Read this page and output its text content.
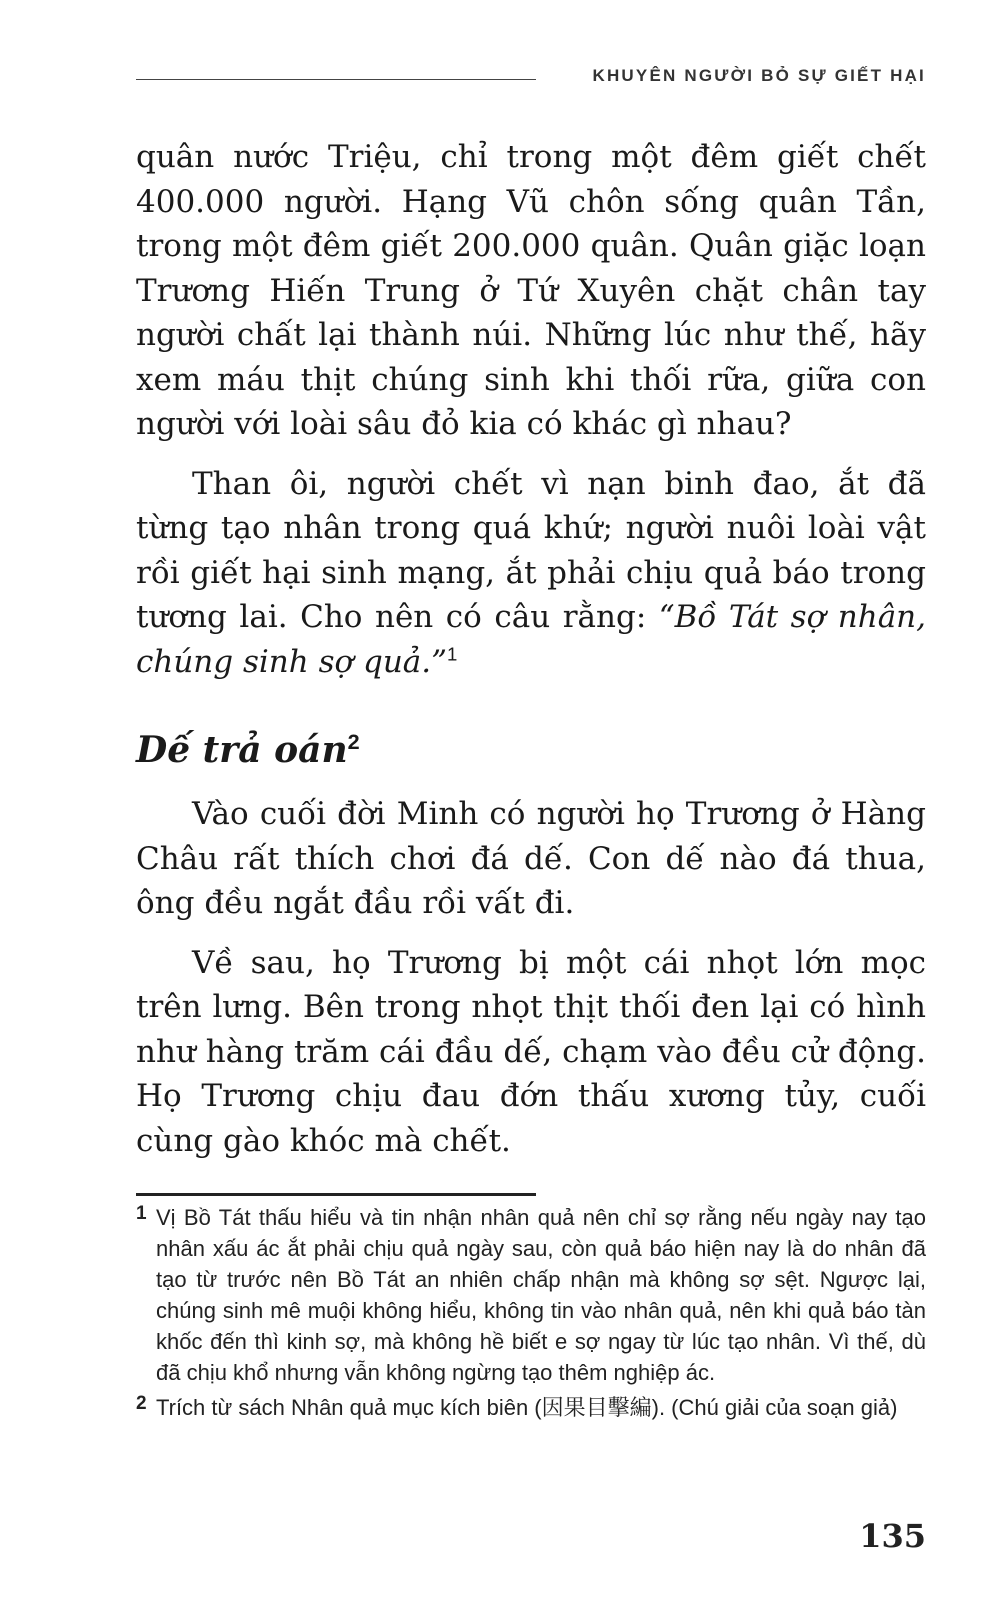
KHUYÊN NGƯỜI BỎ SỰ GIẾT HẠI

quân nước Triệu, chỉ trong một đêm giết chết 400.000 người. Hạng Vũ chôn sống quân Tần, trong một đêm giết 200.000 quân. Quân giặc loạn Trương Hiến Trung ở Tứ Xuyên chặt chân tay người chất lại thành núi. Những lúc như thế, hãy xem máu thịt chúng sinh khi thối rữa, giữa con người với loài sâu đỏ kia có khác gì nhau?

Than ôi, người chết vì nạn binh đao, ắt đã từng tạo nhân trong quá khứ; người nuôi loài vật rồi giết hại sinh mạng, ắt phải chịu quả báo trong tương lai. Cho nên có câu rằng: “Bồ Tát sợ nhân, chúng sinh sợ quả.”$^1$

Dế trả oán$^2$

Vào cuối đời Minh có người họ Trương ở Hàng Châu rất thích chơi đá dế. Con dế nào đá thua, ông đều ngắt đầu rồi vất đi.

Về sau, họ Trương bị một cái nhọt lớn mọc trên lưng. Bên trong nhọt thịt thối đen lại có hình như hàng trăm cái đầu dế, chạm vào đều cử động. Họ Trương chịu đau đớn thấu xương tủy, cuối cùng gào khóc mà chết.

1 Vị Bồ Tát thấu hiểu và tin nhận nhân quả nên chỉ sợ rằng nếu ngày nay tạo nhân xấu ác ắt phải chịu quả ngày sau, còn quả báo hiện nay là do nhân đã tạo từ trước nên Bồ Tát an nhiên chấp nhận mà không sợ sệt. Ngược lại, chúng sinh mê muội không hiểu, không tin vào nhân quả, nên khi quả báo tàn khốc đến thì kinh sợ, mà không hề biết e sợ ngay từ lúc tạo nhân. Vì thế, dù đã chịu khổ nhưng vẫn không ngừng tạo thêm nghiệp ác.
2 Trích từ sách Nhân quả mục kích biên (因果目擊編). (Chú giải của soạn giả)
135
